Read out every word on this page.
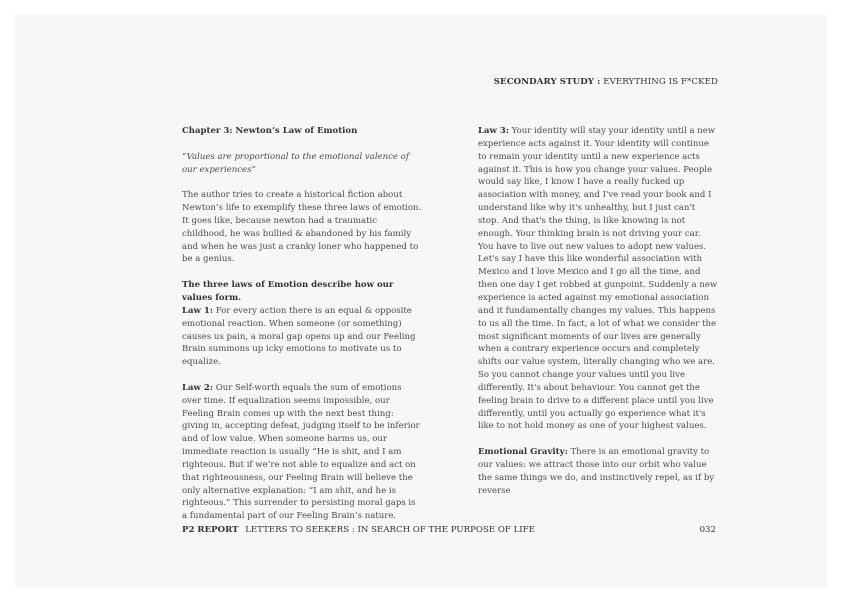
SECONDARY STUDY : EVERYTHING IS F*CKED

Chapter 3: Newton’s Law of Emotion

“Values are proportional to the emotional valence of our experiences”

The author tries to create a historical fiction about Newton’s life to exemplify these three laws of emotion. It goes like, because newton had a traumatic childhood, he was bullied & abandoned by his family and when he was just a cranky loner who happened to be a genius.

The three laws of Emotion describe how our values form.
Law 1: For every action there is an equal & opposite emotional reaction. When someone (or something) causes us pain, a moral gap opens up and our Feeling Brain summons up icky emotions to motivate us to equalize.

Law 2: Our Self-worth equals the sum of emotions over time. If equalization seems impossible, our Feeling Brain comes up with the next best thing: giving in, accepting defeat, judging itself to be inferior and of low value. When someone harms us, our immediate reaction is usually “He is shit, and I am righteous. But if we’re not able to equalize and act on that righteousness, our Feeling Brain will believe the only alternative explanation: “I am shit, and he is righteous.” This surrender to persisting moral gaps is a fundamental part of our Feeling Brain’s nature.

Law 3: Your identity will stay your identity until a new experience acts against it. Your identity will continue to remain your identity until a new experience acts against it. This is how you change your values. People would say like, I know I have a really fucked up association with money, and I've read your book and I understand like why it's unhealthy, but I just can't stop. And that's the thing, is like knowing is not enough. Your thinking brain is not driving your car. You have to live out new values to adopt new values. Let's say I have this like wonderful association with Mexico and I love Mexico and I go all the time, and then one day I get robbed at gunpoint. Suddenly a new experience is acted against my emotional association and it fundamentally changes my values. This happens to us all the time. In fact, a lot of what we consider the most significant moments of our lives are generally when a contrary experience occurs and completely shifts our value system, literally changing who we are. So you cannot change your values until you live differently. It's about behaviour. You cannot get the feeling brain to drive to a different place until you live differently, until you actually go experience what it's like to not hold money as one of your highest values.

Emotional Gravity: There is an emotional gravity to our values: we attract those into our orbit who value the same things we do, and instinctively repel, as if by reverse

P2 REPORT LETTERS TO SEEKERS : IN SEARCH OF THE PURPOSE OF LIFE	032
